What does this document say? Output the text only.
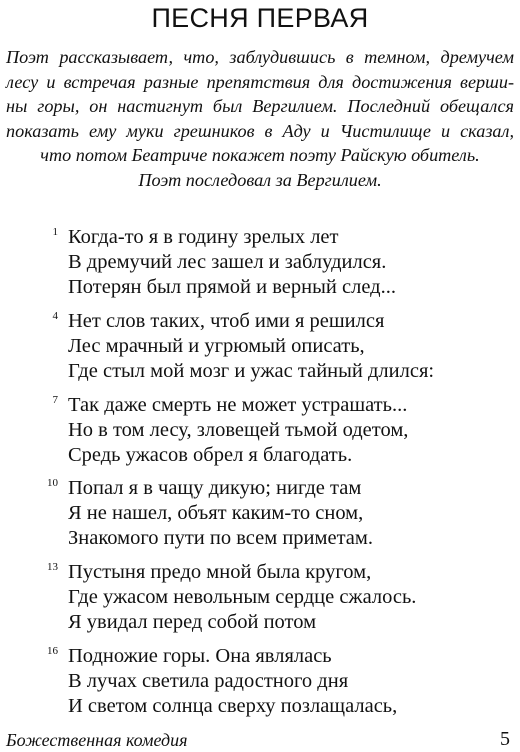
ПЕСНЯ ПЕРВАЯ
Поэт рассказывает, что, заблудившись в темном, дремучем
лесу и встречая разные препятствия для достижения верши-
ны горы, он настигнут был Вергилием. Последний обещался
показать ему муки грешников в Аду и Чистилище и сказал,
что потом Беатриче покажет поэту Райскую обитель.
Поэт последовал за Вергилием.
1 Когда-то я в годину зрелых лет
В дремучий лес зашел и заблудился.
Потерян был прямой и верный след...
4 Нет слов таких, чтоб ими я решился
Лес мрачный и угрюмый описать,
Где стыл мой мозг и ужас тайный длился:
7 Так даже смерть не может устрашать...
Но в том лесу, зловещей тьмой одетом,
Средь ужасов обрел я благодать.
10 Попал я в чащу дикую; нигде там
Я не нашел, объят каким-то сном,
Знакомого пути по всем приметам.
13 Пустыня предо мной была кругом,
Где ужасом невольным сердце сжалось.
Я увидал перед собой потом
16 Подножие горы. Она являлась
В лучах светила радостного дня
И светом солнца сверху позлащалась,
Божественная комедия	5
